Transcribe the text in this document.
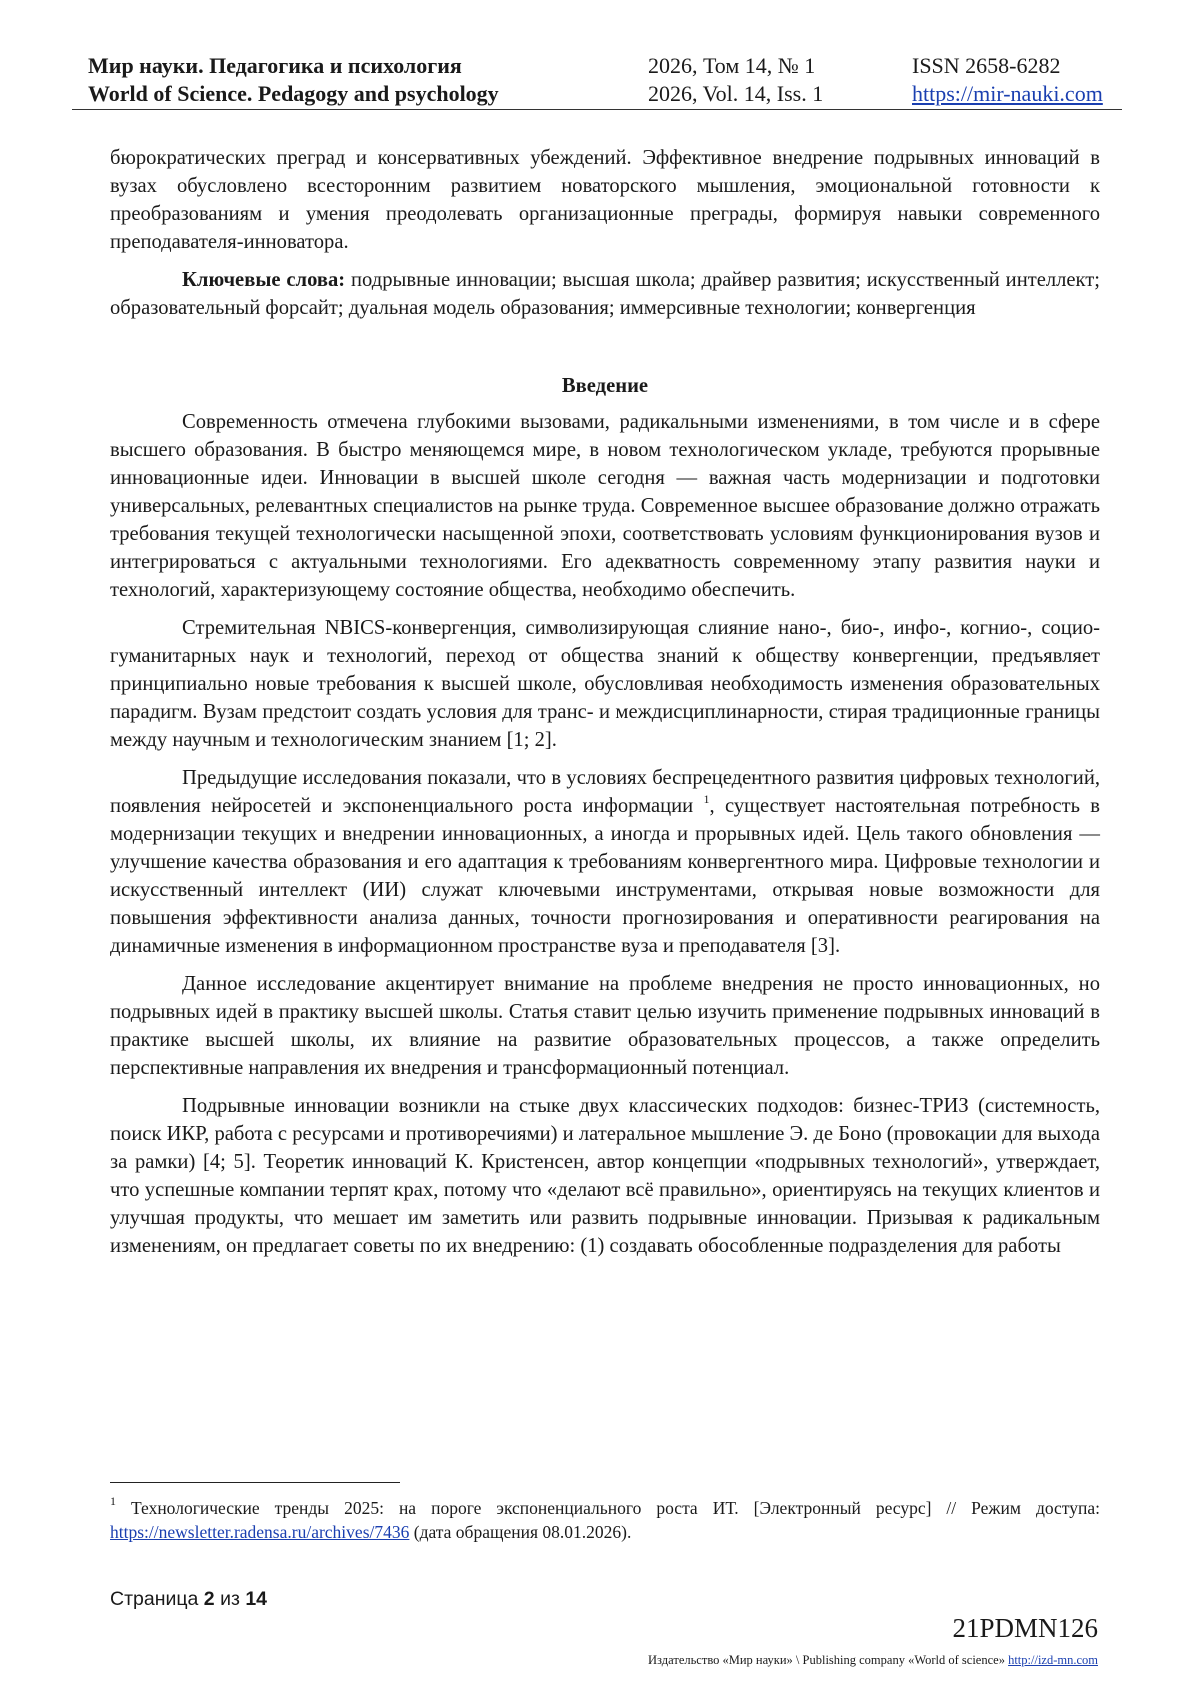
Мир науки. Педагогика и психология
World of Science. Pedagogy and psychology
2026, Том 14, № 1
2026, Vol. 14, Iss. 1
ISSN 2658-6282
https://mir-nauki.com

бюрократических преград и консервативных убеждений. Эффективное внедрение подрывных инноваций в вузах обусловлено всесторонним развитием новаторского мышления, эмоциональной готовности к преобразованиям и умения преодолевать организационные преграды, формируя навыки современного преподавателя-инноватора.

Ключевые слова: подрывные инновации; высшая школа; драйвер развития; искусственный интеллект; образовательный форсайт; дуальная модель образования; иммерсивные технологии; конвергенция

Введение

Современность отмечена глубокими вызовами, радикальными изменениями, в том числе и в сфере высшего образования. В быстро меняющемся мире, в новом технологическом укладе, требуются прорывные инновационные идеи. Инновации в высшей школе сегодня — важная часть модернизации и подготовки универсальных, релевантных специалистов на рынке труда. Современное высшее образование должно отражать требования текущей технологически насыщенной эпохи, соответствовать условиям функционирования вузов и интегрироваться с актуальными технологиями. Его адекватность современному этапу развития науки и технологий, характеризующему состояние общества, необходимо обеспечить.

Стремительная NBICS-конвергенция, символизирующая слияние нано-, био-, инфо-, когнио-, социо-гуманитарных наук и технологий, переход от общества знаний к обществу конвергенции, предъявляет принципиально новые требования к высшей школе, обусловливая необходимость изменения образовательных парадигм. Вузам предстоит создать условия для транс- и междисциплинарности, стирая традиционные границы между научным и технологическим знанием [1; 2].

Предыдущие исследования показали, что в условиях беспрецедентного развития цифровых технологий, появления нейросетей и экспоненциального роста информации $^1$, существует настоятельная потребность в модернизации текущих и внедрении инновационных, а иногда и прорывных идей. Цель такого обновления — улучшение качества образования и его адаптация к требованиям конвергентного мира. Цифровые технологии и искусственный интеллект (ИИ) служат ключевыми инструментами, открывая новые возможности для повышения эффективности анализа данных, точности прогнозирования и оперативности реагирования на динамичные изменения в информационном пространстве вуза и преподавателя [3].

Данное исследование акцентирует внимание на проблеме внедрения не просто инновационных, но подрывных идей в практику высшей школы. Статья ставит целью изучить применение подрывных инноваций в практике высшей школы, их влияние на развитие образовательных процессов, а также определить перспективные направления их внедрения и трансформационный потенциал.

Подрывные инновации возникли на стыке двух классических подходов: бизнес-ТРИЗ (системность, поиск ИКР, работа с ресурсами и противоречиями) и латеральное мышление Э. де Боно (провокации для выхода за рамки) [4; 5]. Теоретик инноваций К. Кристенсен, автор концепции «подрывных технологий», утверждает, что успешные компании терпят крах, потому что «делают всё правильно», ориентируясь на текущих клиентов и улучшая продукты, что мешает им заметить или развить подрывные инновации. Призывая к радикальным изменениям, он предлагает советы по их внедрению: (1) создавать обособленные подразделения для работы

$^1$ Технологические тренды 2025: на пороге экспоненциального роста ИТ. [Электронный ресурс] // Режим доступа: https://newsletter.radensa.ru/archives/7436 (дата обращения 08.01.2026).
Страница 2 из 14
21PDMN126
Издательство «Мир науки» \ Publishing company «World of science» http://izd-mn.com
